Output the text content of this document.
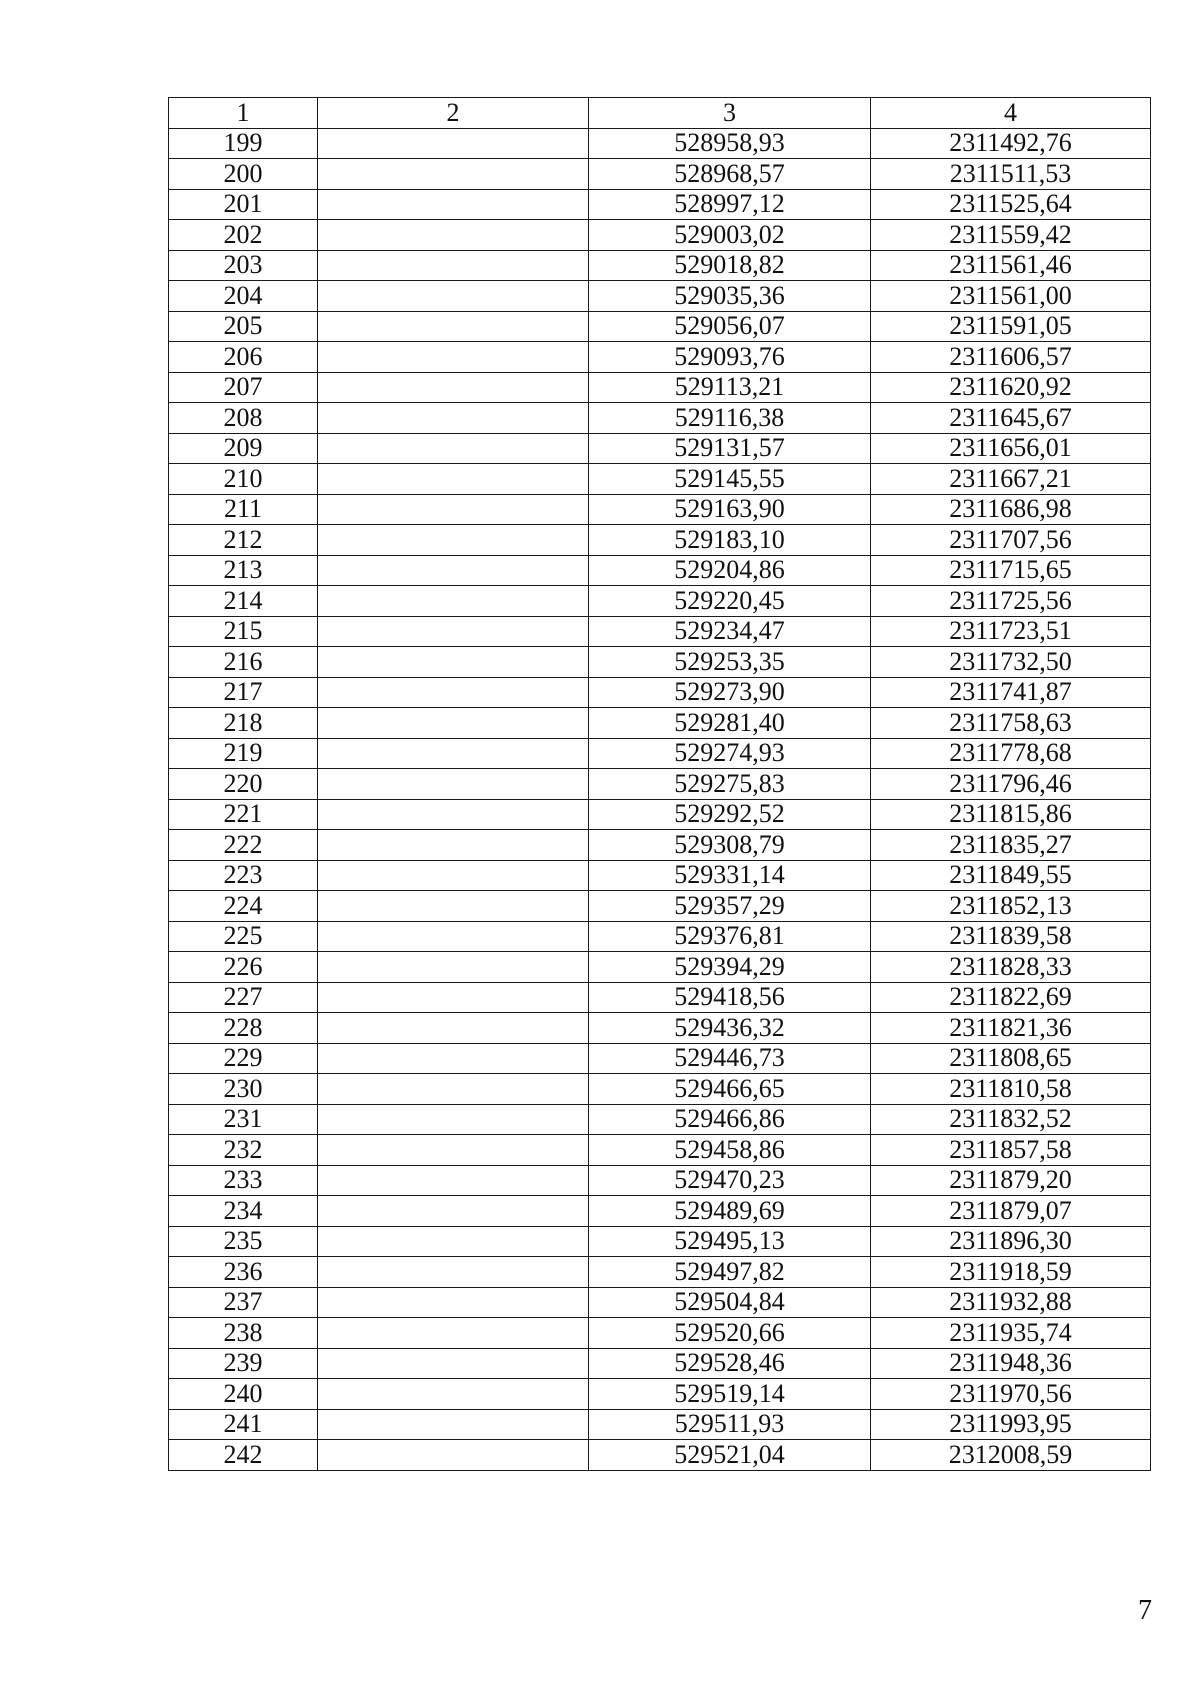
1	2	3	4
199		528958,93	2311492,76
200		528968,57	2311511,53
201		528997,12	2311525,64
202		529003,02	2311559,42
203		529018,82	2311561,46
204		529035,36	2311561,00
205		529056,07	2311591,05
206		529093,76	2311606,57
207		529113,21	2311620,92
208		529116,38	2311645,67
209		529131,57	2311656,01
210		529145,55	2311667,21
211		529163,90	2311686,98
212		529183,10	2311707,56
213		529204,86	2311715,65
214		529220,45	2311725,56
215		529234,47	2311723,51
216		529253,35	2311732,50
217		529273,90	2311741,87
218		529281,40	2311758,63
219		529274,93	2311778,68
220		529275,83	2311796,46
221		529292,52	2311815,86
222		529308,79	2311835,27
223		529331,14	2311849,55
224		529357,29	2311852,13
225		529376,81	2311839,58
226		529394,29	2311828,33
227		529418,56	2311822,69
228		529436,32	2311821,36
229		529446,73	2311808,65
230		529466,65	2311810,58
231		529466,86	2311832,52
232		529458,86	2311857,58
233		529470,23	2311879,20
234		529489,69	2311879,07
235		529495,13	2311896,30
236		529497,82	2311918,59
237		529504,84	2311932,88
238		529520,66	2311935,74
239		529528,46	2311948,36
240		529519,14	2311970,56
241		529511,93	2311993,95
242		529521,04	2312008,59
7
